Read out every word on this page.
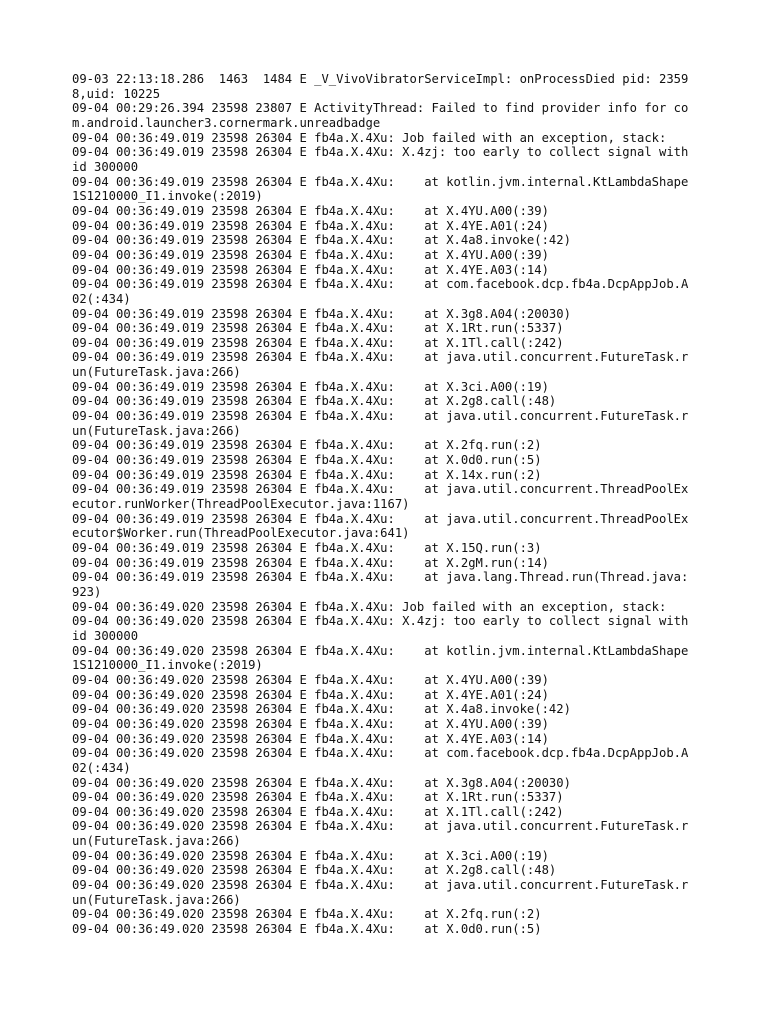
09-03 22:13:18.286  1463  1484 E _V_VivoVibratorServiceImpl: onProcessDied pid: 23598,uid: 10225
09-04 00:29:26.394 23598 23807 E ActivityThread: Failed to find provider info for com.android.launcher3.cornermark.unreadbadge
09-04 00:36:49.019 23598 26304 E fb4a.X.4Xu: Job failed with an exception, stack:
09-04 00:36:49.019 23598 26304 E fb4a.X.4Xu: X.4zj: too early to collect signal with id 300000
09-04 00:36:49.019 23598 26304 E fb4a.X.4Xu:    at kotlin.jvm.internal.KtLambdaShape1S1210000_I1.invoke(:2019)
09-04 00:36:49.019 23598 26304 E fb4a.X.4Xu:    at X.4YU.A00(:39)
09-04 00:36:49.019 23598 26304 E fb4a.X.4Xu:    at X.4YE.A01(:24)
09-04 00:36:49.019 23598 26304 E fb4a.X.4Xu:    at X.4a8.invoke(:42)
09-04 00:36:49.019 23598 26304 E fb4a.X.4Xu:    at X.4YU.A00(:39)
09-04 00:36:49.019 23598 26304 E fb4a.X.4Xu:    at X.4YE.A03(:14)
09-04 00:36:49.019 23598 26304 E fb4a.X.4Xu:    at com.facebook.dcp.fb4a.DcpAppJob.A02(:434)
09-04 00:36:49.019 23598 26304 E fb4a.X.4Xu:    at X.3g8.A04(:20030)
09-04 00:36:49.019 23598 26304 E fb4a.X.4Xu:    at X.1Rt.run(:5337)
09-04 00:36:49.019 23598 26304 E fb4a.X.4Xu:    at X.1Tl.call(:242)
09-04 00:36:49.019 23598 26304 E fb4a.X.4Xu:    at java.util.concurrent.FutureTask.run(FutureTask.java:266)
09-04 00:36:49.019 23598 26304 E fb4a.X.4Xu:    at X.3ci.A00(:19)
09-04 00:36:49.019 23598 26304 E fb4a.X.4Xu:    at X.2g8.call(:48)
09-04 00:36:49.019 23598 26304 E fb4a.X.4Xu:    at java.util.concurrent.FutureTask.run(FutureTask.java:266)
09-04 00:36:49.019 23598 26304 E fb4a.X.4Xu:    at X.2fq.run(:2)
09-04 00:36:49.019 23598 26304 E fb4a.X.4Xu:    at X.0d0.run(:5)
09-04 00:36:49.019 23598 26304 E fb4a.X.4Xu:    at X.14x.run(:2)
09-04 00:36:49.019 23598 26304 E fb4a.X.4Xu:    at java.util.concurrent.ThreadPoolExecutor.runWorker(ThreadPoolExecutor.java:1167)
09-04 00:36:49.019 23598 26304 E fb4a.X.4Xu:    at java.util.concurrent.ThreadPoolExecutor$Worker.run(ThreadPoolExecutor.java:641)
09-04 00:36:49.019 23598 26304 E fb4a.X.4Xu:    at X.15Q.run(:3)
09-04 00:36:49.019 23598 26304 E fb4a.X.4Xu:    at X.2gM.run(:14)
09-04 00:36:49.019 23598 26304 E fb4a.X.4Xu:    at java.lang.Thread.run(Thread.java:923)
09-04 00:36:49.020 23598 26304 E fb4a.X.4Xu: Job failed with an exception, stack:
09-04 00:36:49.020 23598 26304 E fb4a.X.4Xu: X.4zj: too early to collect signal with id 300000
09-04 00:36:49.020 23598 26304 E fb4a.X.4Xu:    at kotlin.jvm.internal.KtLambdaShape1S1210000_I1.invoke(:2019)
09-04 00:36:49.020 23598 26304 E fb4a.X.4Xu:    at X.4YU.A00(:39)
09-04 00:36:49.020 23598 26304 E fb4a.X.4Xu:    at X.4YE.A01(:24)
09-04 00:36:49.020 23598 26304 E fb4a.X.4Xu:    at X.4a8.invoke(:42)
09-04 00:36:49.020 23598 26304 E fb4a.X.4Xu:    at X.4YU.A00(:39)
09-04 00:36:49.020 23598 26304 E fb4a.X.4Xu:    at X.4YE.A03(:14)
09-04 00:36:49.020 23598 26304 E fb4a.X.4Xu:    at com.facebook.dcp.fb4a.DcpAppJob.A02(:434)
09-04 00:36:49.020 23598 26304 E fb4a.X.4Xu:    at X.3g8.A04(:20030)
09-04 00:36:49.020 23598 26304 E fb4a.X.4Xu:    at X.1Rt.run(:5337)
09-04 00:36:49.020 23598 26304 E fb4a.X.4Xu:    at X.1Tl.call(:242)
09-04 00:36:49.020 23598 26304 E fb4a.X.4Xu:    at java.util.concurrent.FutureTask.run(FutureTask.java:266)
09-04 00:36:49.020 23598 26304 E fb4a.X.4Xu:    at X.3ci.A00(:19)
09-04 00:36:49.020 23598 26304 E fb4a.X.4Xu:    at X.2g8.call(:48)
09-04 00:36:49.020 23598 26304 E fb4a.X.4Xu:    at java.util.concurrent.FutureTask.run(FutureTask.java:266)
09-04 00:36:49.020 23598 26304 E fb4a.X.4Xu:    at X.2fq.run(:2)
09-04 00:36:49.020 23598 26304 E fb4a.X.4Xu:    at X.0d0.run(:5)
